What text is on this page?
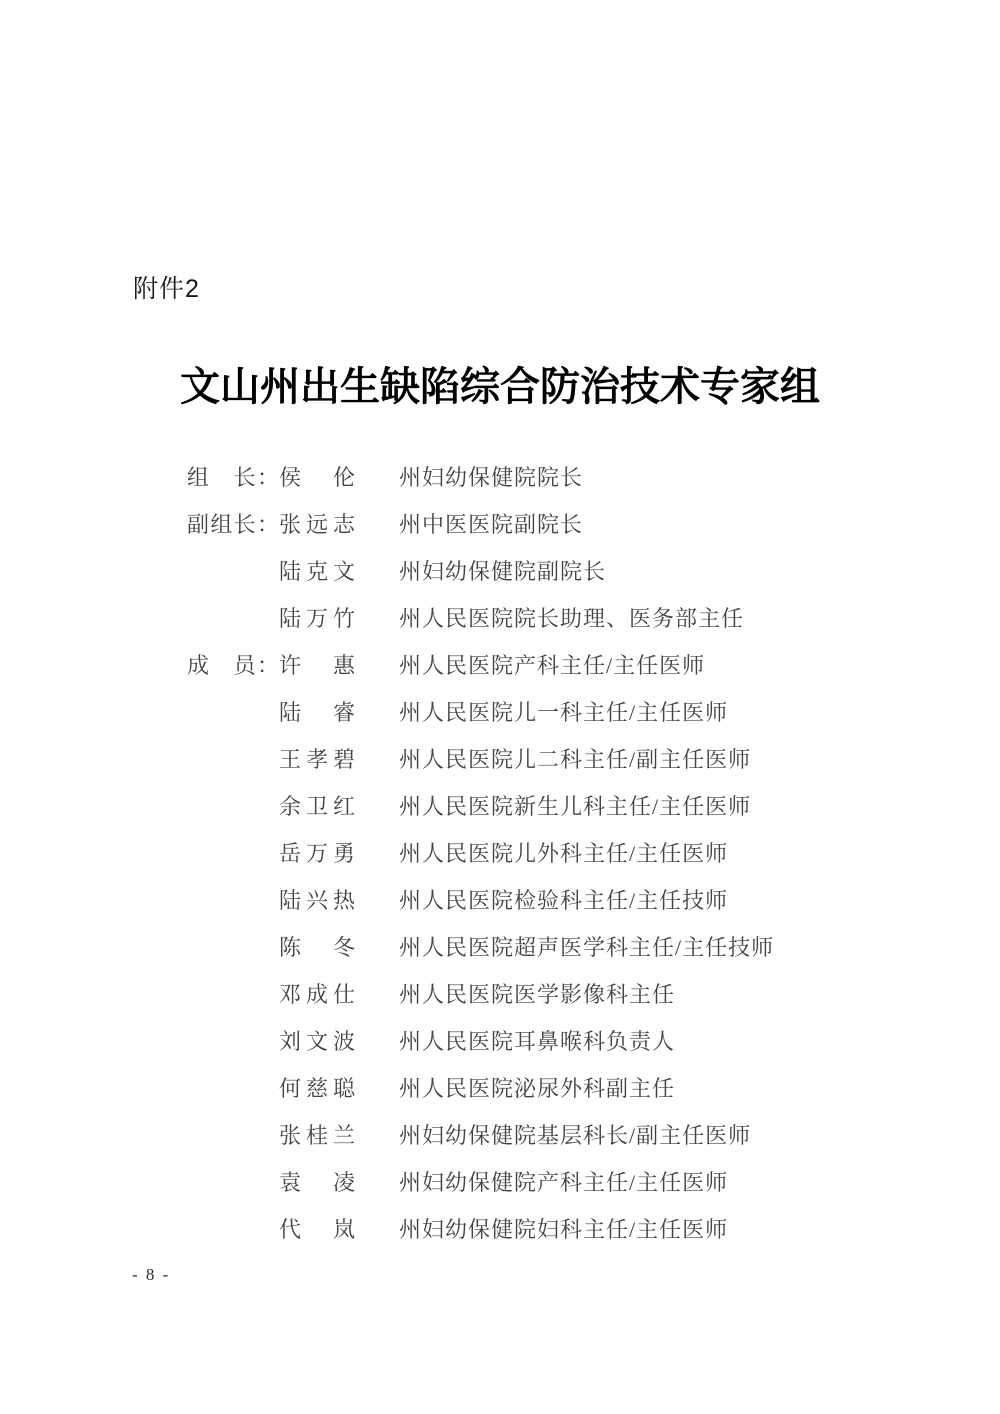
附件2
文山州出生缺陷综合防治技术专家组
组　长： 侯　伦 州妇幼保健院院长
副组长： 张远志 州中医医院副院长
陆克文 州妇幼保健院副院长
陆万竹 州人民医院院长助理、医务部主任
成　员： 许　惠 州人民医院产科主任/主任医师
陆　睿 州人民医院儿一科主任/主任医师
王孝碧 州人民医院儿二科主任/副主任医师
余卫红 州人民医院新生儿科主任/主任医师
岳万勇 州人民医院儿外科主任/主任医师
陆兴热 州人民医院检验科主任/主任技师
陈　冬 州人民医院超声医学科主任/主任技师
邓成仕 州人民医院医学影像科主任
刘文波 州人民医院耳鼻喉科负责人
何慈聪 州人民医院泌尿外科副主任
张桂兰 州妇幼保健院基层科长/副主任医师
袁　凌 州妇幼保健院产科主任/主任医师
代　岚 州妇幼保健院妇科主任/主任医师
- 8 -
